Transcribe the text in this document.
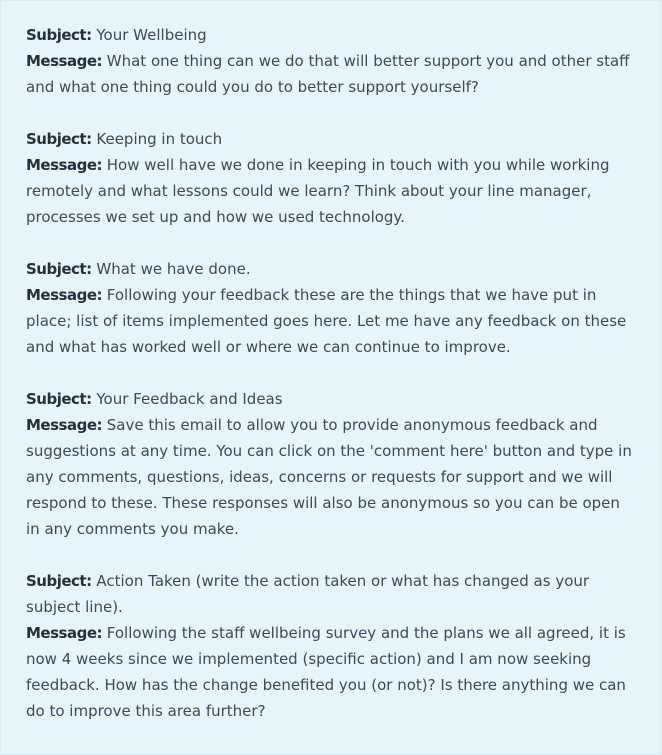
Subject: Your Wellbeing
Message: What one thing can we do that will better support you and other staff and what one thing could you do to better support yourself?
Subject: Keeping in touch
Message: How well have we done in keeping in touch with you while working remotely and what lessons could we learn? Think about your line manager, processes we set up and how we used technology.
Subject: What we have done.
Message: Following your feedback these are the things that we have put in place; list of items implemented goes here. Let me have any feedback on these and what has worked well or where we can continue to improve.
Subject: Your Feedback and Ideas
Message: Save this email to allow you to provide anonymous feedback and suggestions at any time. You can click on the 'comment here' button and type in any comments, questions, ideas, concerns or requests for support and we will respond to these. These responses will also be anonymous so you can be open in any comments you make.
Subject: Action Taken (write the action taken or what has changed as your subject line).
Message: Following the staff wellbeing survey and the plans we all agreed, it is now 4 weeks since we implemented (specific action) and I am now seeking feedback. How has the change benefited you (or not)? Is there anything we can do to improve this area further?
